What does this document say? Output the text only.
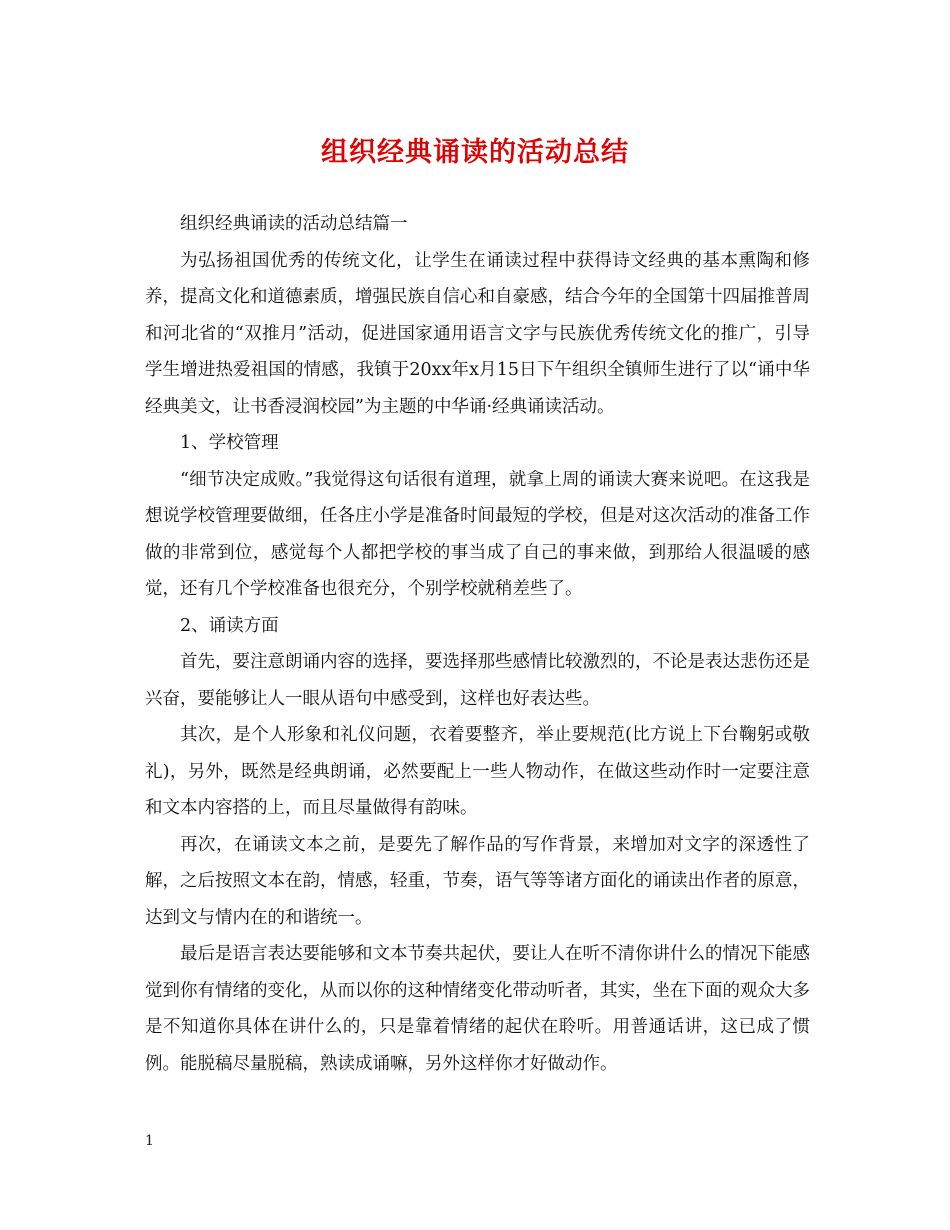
组织经典诵读的活动总结

组织经典诵读的活动总结篇一

为弘扬祖国优秀的传统文化，让学生在诵读过程中获得诗文经典的基本熏陶和修养，提高文化和道德素质，增强民族自信心和自豪感，结合今年的全国第十四届推普周和河北省的“双推月”活动，促进国家通用语言文字与民族优秀传统文化的推广，引导学生增进热爱祖国的情感，我镇于20xx年x月15日下午组织全镇师生进行了以“诵中华经典美文，让书香浸润校园”为主题的中华诵·经典诵读活动。

1、学校管理

“细节决定成败。”我觉得这句话很有道理，就拿上周的诵读大赛来说吧。在这我是想说学校管理要做细，任各庄小学是准备时间最短的学校，但是对这次活动的准备工作做的非常到位，感觉每个人都把学校的事当成了自己的事来做，到那给人很温暖的感觉，还有几个学校准备也很充分，个别学校就稍差些了。

2、诵读方面

首先，要注意朗诵内容的选择，要选择那些感情比较激烈的，不论是表达悲伤还是兴奋，要能够让人一眼从语句中感受到，这样也好表达些。

其次，是个人形象和礼仪问题，衣着要整齐，举止要规范(比方说上下台鞠躬或敬礼)，另外，既然是经典朗诵，必然要配上一些人物动作，在做这些动作时一定要注意和文本内容搭的上，而且尽量做得有韵味。

再次，在诵读文本之前，是要先了解作品的写作背景，来增加对文字的深透性了解，之后按照文本在韵，情感，轻重，节奏，语气等等诸方面化的诵读出作者的原意，达到文与情内在的和谐统一。

最后是语言表达要能够和文本节奏共起伏，要让人在听不清你讲什么的情况下能感觉到你有情绪的变化，从而以你的这种情绪变化带动听者，其实，坐在下面的观众大多是不知道你具体在讲什么的，只是靠着情绪的起伏在聆听。用普通话讲，这已成了惯例。能脱稿尽量脱稿，熟读成诵嘛，另外这样你才好做动作。

1
